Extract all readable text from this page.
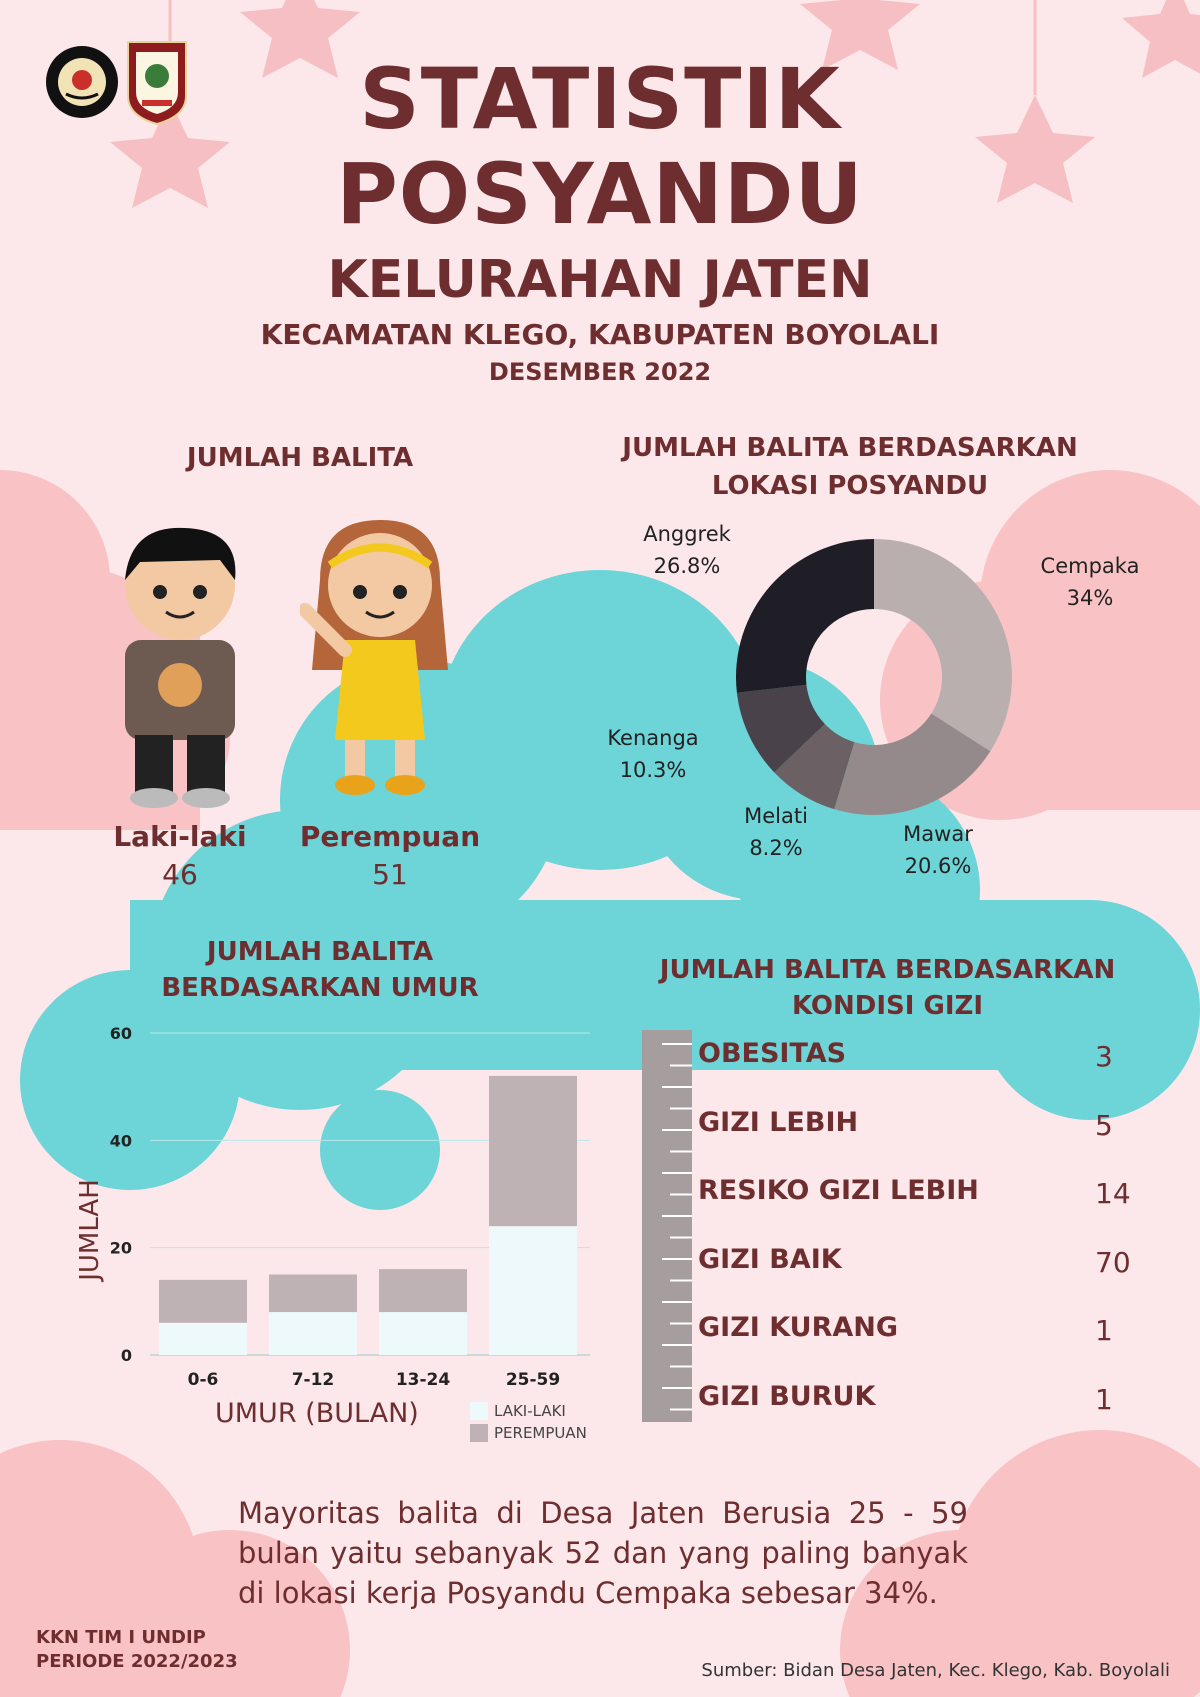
STATISTIK
POSYANDU
KELURAHAN JATEN
KECAMATAN KLEGO, KABUPATEN BOYOLALI
DESEMBER 2022
JUMLAH BALITA
Laki-laki
46
Perempuan
51
JUMLAH BALITA BERDASARKAN
LOKASI POSYANDU
Cempaka
34%
Mawar
20.6%
Melati
8.2%
Kenanga
10.3%
Anggrek
26.8%
JUMLAH BALITA
BERDASARKAN UMUR
0
20
40
60
0-6	7-12	13-24	25-59
JUMLAH
UMUR (BULAN)	LAKI-LAKI
PEREMPUAN
JUMLAH BALITA BERDASARKAN
KONDISI GIZI
OBESITAS	3
GIZI LEBIH	5
RESIKO GIZI LEBIH	14
GIZI BAIK	70
GIZI KURANG	1
GIZI BURUK	1
Mayoritas balita di Desa Jaten Berusia 25 - 59 bulan yaitu sebanyak 52 dan yang paling banyak di lokasi kerja Posyandu Cempaka sebesar 34%.
KKN TIM I UNDIP
PERIODE 2022/2023	Sumber: Bidan Desa Jaten, Kec. Klego, Kab. Boyolali
